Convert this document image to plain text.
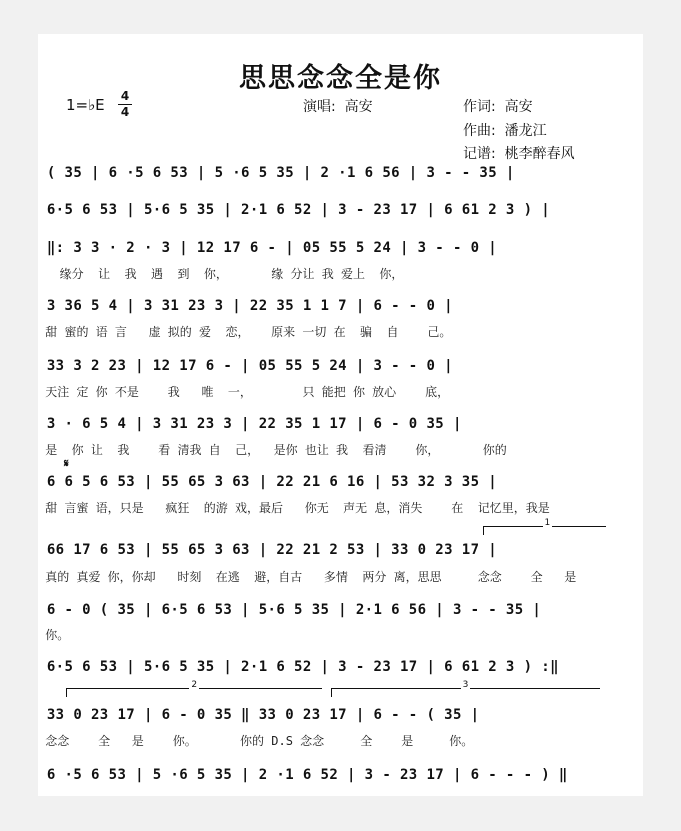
思思念念全是你
1=♭E 4
4	演唱:  高安	作词:  高安
作曲:  潘龙江
记谱:  桃李醉春风
( 35 | 6 ·5 6 53 | 5 ·6 5 35 | 2 ·1 6 56 | 3 - - 35 |
6·5 6 53 | 5·6 5 35 | 2·1 6 52 | 3 - 23 17 | 6 61 2 3 ) |
‖: 3 3 · 2 · 3 | 12 17 6 - | 05 55 5 24 | 3 - - 0 |
缘分  让  我  遇  到  你，      缘 分让 我 爱上  你，
3 36 5 4 | 3 31 23 3 | 22 35 1 1 7 | 6 - - 0 |
甜 蜜的 语 言   虚 拟的 爱  恋，   原来 一切 在  骗  自    己。
33 3 2 23 | 12 17 6 - | 05 55 5 24 | 3 - - 0 |
天注 定 你 不是    我   唯  一，       只 能把 你 放心    底，
3 · 6 5 4 | 3 31 23 3 | 22 35 1 17 | 6 - 0 35 |
是  你 让  我    看 清我 自  己，  是你 也让 我  看清    你，      你的
𝄋
6 6 5 6 53 | 55 65 3 63 | 22 21 6 16 | 53 32 3 35 |
甜 言蜜 语，只是   疯狂  的游 戏，最后   你无  声无 息，消失    在  记忆里，我是
1
66 17 6 53 | 55 65 3 63 | 22 21 2 53 | 33 0 23 17 |
真的 真爱 你，你却   时刻  在逃  避，自古   多情  两分 离，思思     念念    全   是
6 - 0 ( 35 | 6·5 6 53 | 5·6 5 35 | 2·1 6 56 | 3 - - 35 |
你。
6·5 6 53 | 5·6 5 35 | 2·1 6 52 | 3 - 23 17 | 6 61 2 3 ) :‖
2	3
33 0 23 17 | 6 - 0 35 ‖ 33 0 23 17 | 6 - - ( 35 |
念念    全   是    你。      你的 D.S 念念     全    是     你。
6 ·5 6 53 | 5 ·6 5 35 | 2 ·1 6 52 | 3 - 23 17 | 6 - - - ) ‖
